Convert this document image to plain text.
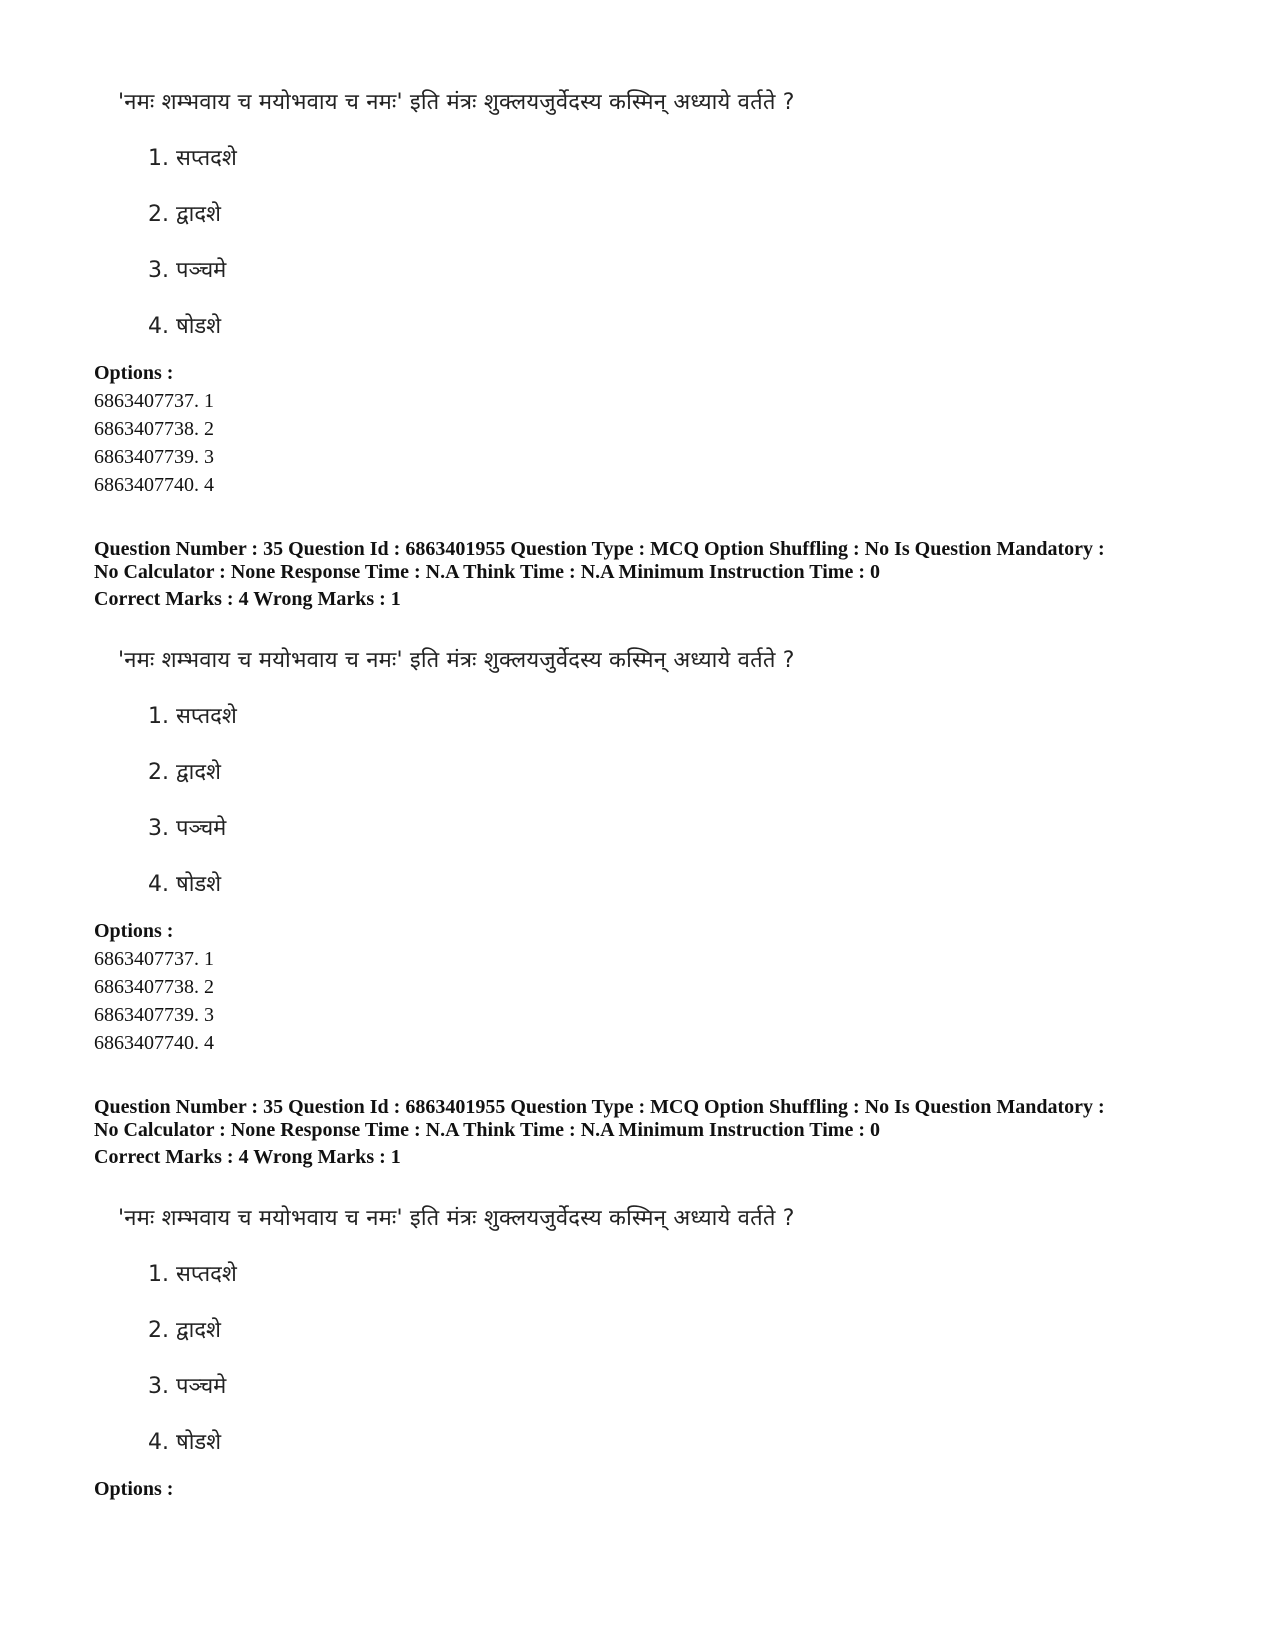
'नमः शम्भवाय च मयोभवाय च नमः' इति मंत्रः शुक्लयजुर्वेदस्य कस्मिन् अध्याये वर्तते ?
1. सप्तदशे
2. द्वादशे
3. पञ्चमे
4. षोडशे
Options :
6863407737. 1
6863407738. 2
6863407739. 3
6863407740. 4
Question Number : 35 Question Id : 6863401955 Question Type : MCQ Option Shuffling : No Is Question Mandatory :
No Calculator : None Response Time : N.A Think Time : N.A Minimum Instruction Time : 0
Correct Marks : 4 Wrong Marks : 1
'नमः शम्भवाय च मयोभवाय च नमः' इति मंत्रः शुक्लयजुर्वेदस्य कस्मिन् अध्याये वर्तते ?
1. सप्तदशे
2. द्वादशे
3. पञ्चमे
4. षोडशे
Options :
6863407737. 1
6863407738. 2
6863407739. 3
6863407740. 4
Question Number : 35 Question Id : 6863401955 Question Type : MCQ Option Shuffling : No Is Question Mandatory :
No Calculator : None Response Time : N.A Think Time : N.A Minimum Instruction Time : 0
Correct Marks : 4 Wrong Marks : 1
'नमः शम्भवाय च मयोभवाय च नमः' इति मंत्रः शुक्लयजुर्वेदस्य कस्मिन् अध्याये वर्तते ?
1. सप्तदशे
2. द्वादशे
3. पञ्चमे
4. षोडशे
Options :
